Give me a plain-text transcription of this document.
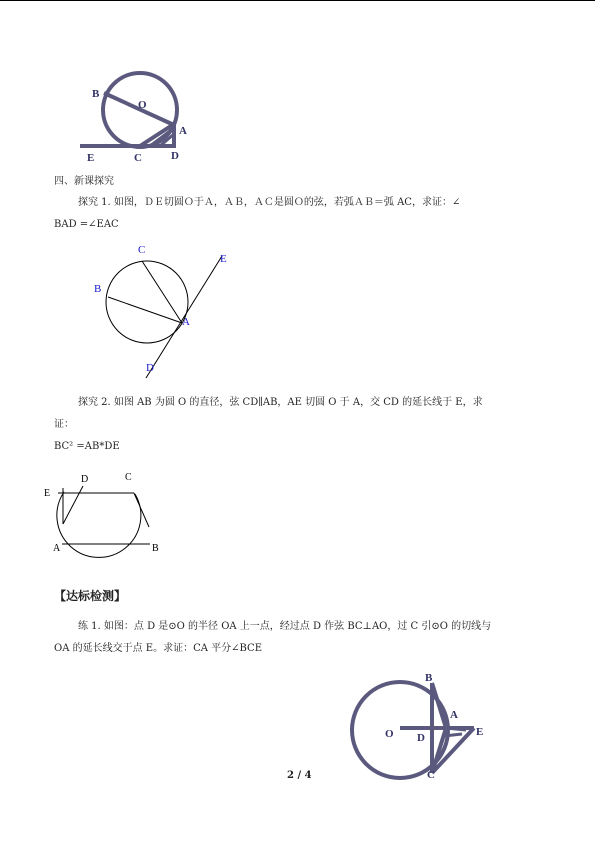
B
O
A
E	C	D
四、新课探究
探究 1. 如图，ＤＥ切圆Ｏ于Ａ，ＡＢ，ＡＣ是圆Ｏ的弦，若弧ＡＢ＝弧 AC，求证：∠
BAD =∠EAC
C
E
B
A
D
探究 2. 如图 AB 为圆 O 的直径，弦 CD∥AB，AE 切圆 O 于 A，交 CD 的延长线于 E，求
证：
BC² =AB*DE
E
D	C
A	B
【达标检测】
练 1. 如图：点 D 是⊙O 的半径 OA 上一点，经过点 D 作弦 BC⊥AO，过 C 引⊙O 的切线与
OA 的延长线交于点 E。求证：CA 平分∠BCE
B
A
O D	E
C
2 / 4
